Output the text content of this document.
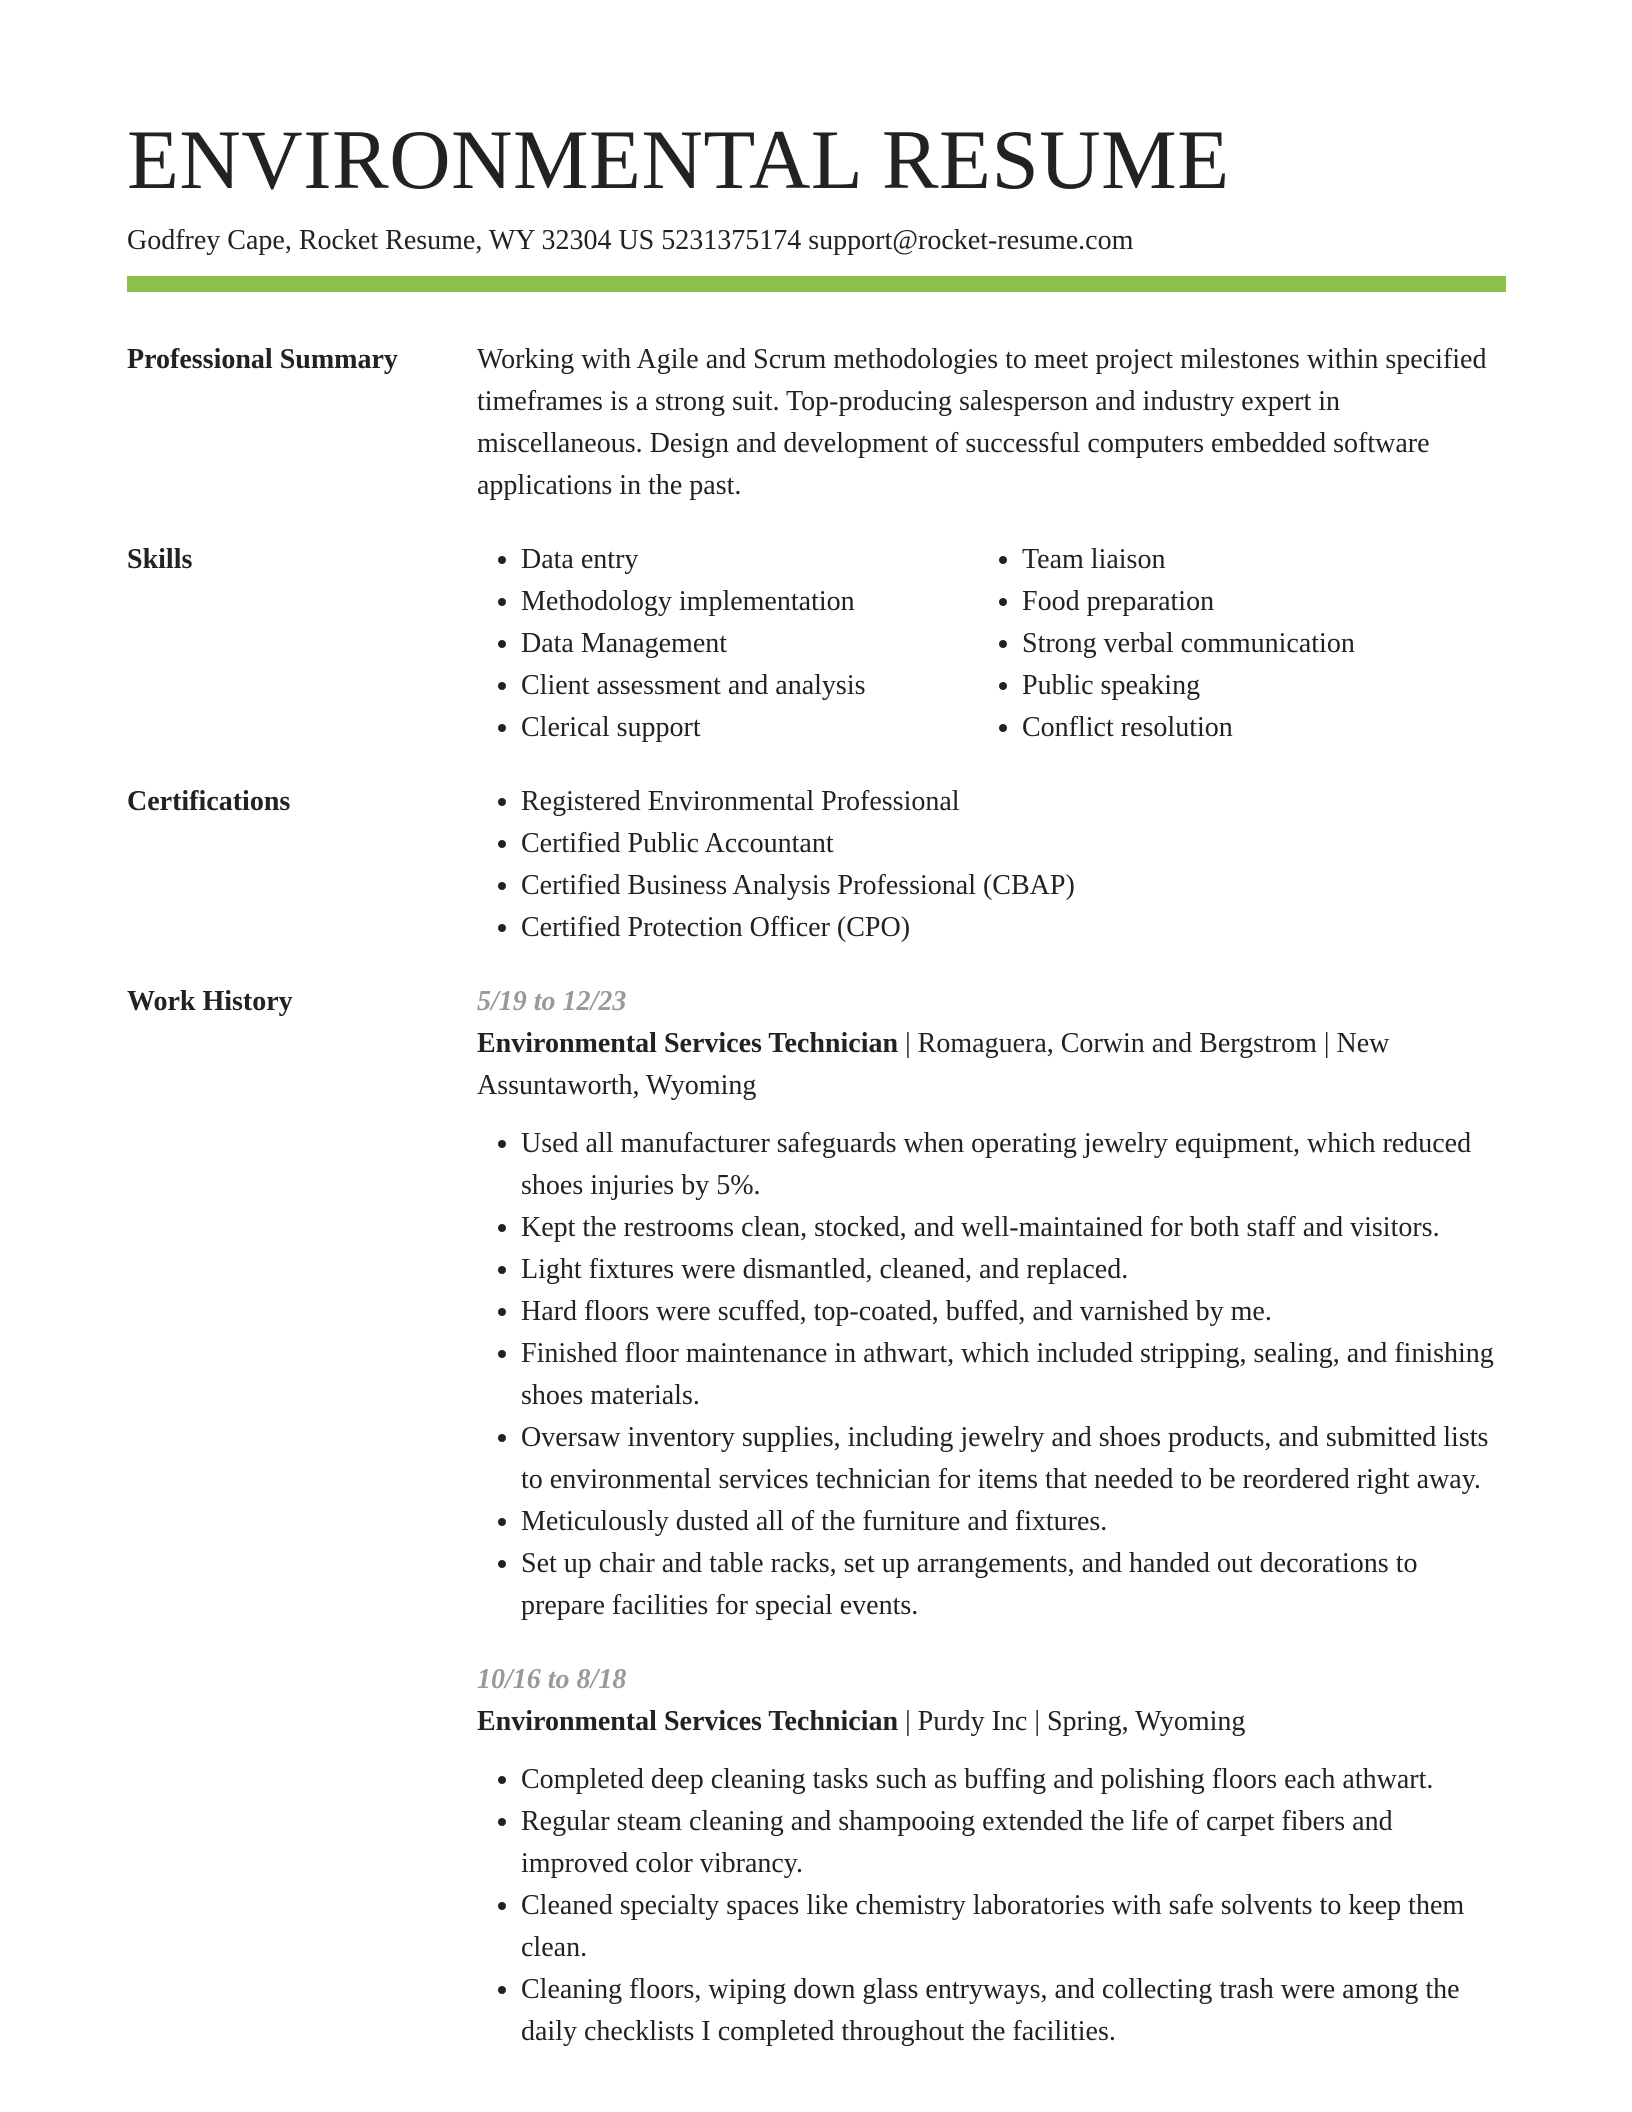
ENVIRONMENTAL RESUME
Godfrey Cape, Rocket Resume, WY 32304 US 5231375174 support@rocket-resume.com
Professional Summary	Working with Agile and Scrum methodologies to meet project milestones within specified timeframes is a strong suit. Top-producing salesperson and industry expert in miscellaneous. Design and development of successful computers embedded software applications in the past.
Skills	• Data entry
• Methodology implementation
• Data Management
• Client assessment and analysis
• Clerical support
• Team liaison
• Food preparation
• Strong verbal communication
• Public speaking
• Conflict resolution
Certifications	• Registered Environmental Professional
• Certified Public Accountant
• Certified Business Analysis Professional (CBAP)
• Certified Protection Officer (CPO)
Work History	5/19 to 12/23
Environmental Services Technician | Romaguera, Corwin and Bergstrom | New Assuntaworth, Wyoming
• Used all manufacturer safeguards when operating jewelry equipment, which reduced shoes injuries by 5%.
• Kept the restrooms clean, stocked, and well-maintained for both staff and visitors.
• Light fixtures were dismantled, cleaned, and replaced.
• Hard floors were scuffed, top-coated, buffed, and varnished by me.
• Finished floor maintenance in athwart, which included stripping, sealing, and finishing shoes materials.
• Oversaw inventory supplies, including jewelry and shoes products, and submitted lists to environmental services technician for items that needed to be reordered right away.
• Meticulously dusted all of the furniture and fixtures.
• Set up chair and table racks, set up arrangements, and handed out decorations to prepare facilities for special events.
10/16 to 8/18
Environmental Services Technician | Purdy Inc | Spring, Wyoming
• Completed deep cleaning tasks such as buffing and polishing floors each athwart.
• Regular steam cleaning and shampooing extended the life of carpet fibers and improved color vibrancy.
• Cleaned specialty spaces like chemistry laboratories with safe solvents to keep them clean.
• Cleaning floors, wiping down glass entryways, and collecting trash were among the daily checklists I completed throughout the facilities.
